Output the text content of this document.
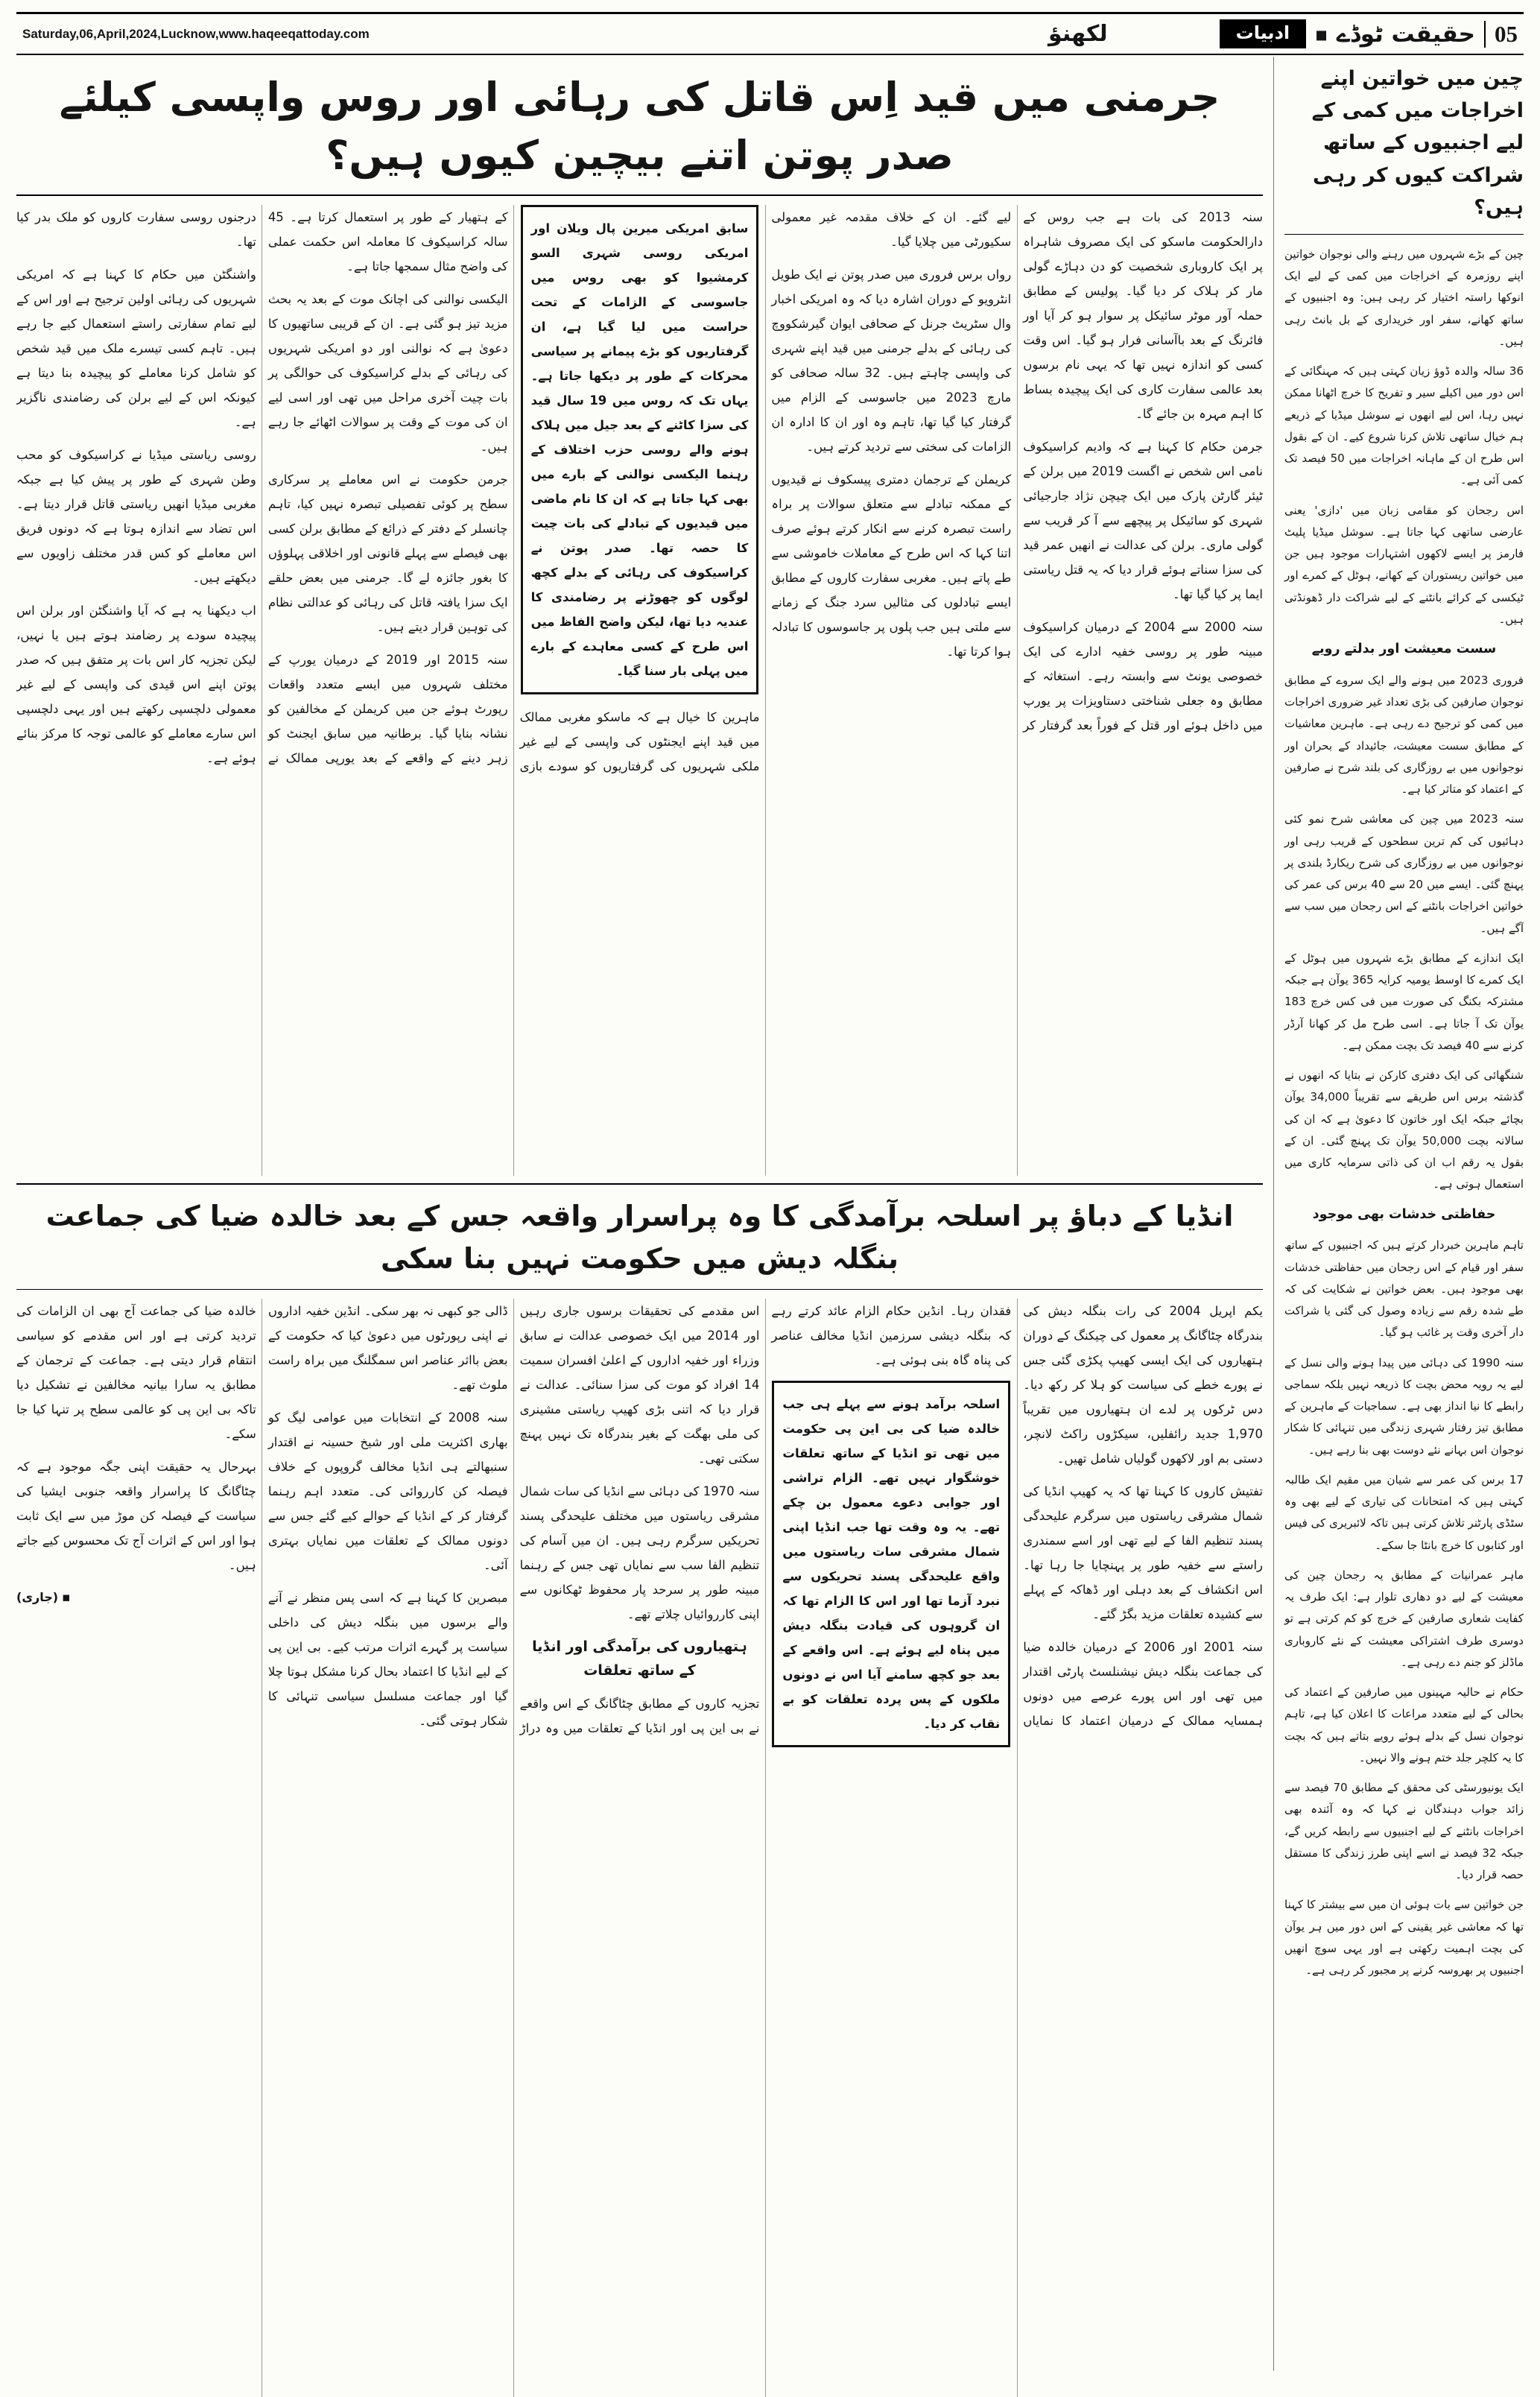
Saturday,06,April,2024,Lucknow,www.haqeeqattoday.com	لکھنؤ	ادبیات	◼ حقیقت ٹوڈے 05
جرمنی میں قید اِس قاتل کی رہائی اور روس واپسی کیلئے صدر پوتن اتنے بیچین کیوں ہیں؟

سنہ 2013 کی بات ہے جب روس کے دارالحکومت ماسکو کی ایک مصروف شاہراہ پر ایک کاروباری شخصیت کو دن دہاڑے گولی مار کر ہلاک کر دیا گیا۔ پولیس کے مطابق حملہ آور موٹر سائیکل پر سوار ہو کر آیا اور فائرنگ کے بعد باآسانی فرار ہو گیا۔ اس وقت کسی کو اندازہ نہیں تھا کہ یہی نام برسوں بعد عالمی سفارت کاری کی ایک پیچیدہ بساط کا اہم مہرہ بن جائے گا۔

جرمن حکام کا کہنا ہے کہ وادیم کراسیکوف نامی اس شخص نے اگست 2019 میں برلن کے ٹیئر گارٹن پارک میں ایک چیچن نژاد جارجیائی شہری کو سائیکل پر پیچھے سے آ کر قریب سے گولی ماری۔ برلن کی عدالت نے انھیں عمر قید کی سزا سناتے ہوئے قرار دیا کہ یہ قتل ریاستی ایما پر کیا گیا تھا۔

سنہ 2000 سے 2004 کے درمیان کراسیکوف مبینہ طور پر روسی خفیہ ادارے کی ایک خصوصی یونٹ سے وابستہ رہے۔ استغاثہ کے مطابق وہ جعلی شناختی دستاویزات پر یورپ میں داخل ہوئے اور قتل کے فوراً بعد گرفتار کر لیے گئے۔ ان کے خلاف مقدمہ غیر معمولی سکیورٹی میں چلایا گیا۔

رواں برس فروری میں صدر پوتن نے ایک طویل انٹرویو کے دوران اشارہ دیا کہ وہ امریکی اخبار وال سٹریٹ جرنل کے صحافی ایوان گیرشکووچ کی رہائی کے بدلے جرمنی میں قید اپنے شہری کی واپسی چاہتے ہیں۔ 32 سالہ صحافی کو مارچ 2023 میں جاسوسی کے الزام میں گرفتار کیا گیا تھا، تاہم وہ اور ان کا ادارہ ان الزامات کی سختی سے تردید کرتے ہیں۔

کریملن کے ترجمان دمتری پیسکوف نے قیدیوں کے ممکنہ تبادلے سے متعلق سوالات پر براہ راست تبصرہ کرنے سے انکار کرتے ہوئے صرف اتنا کہا کہ اس طرح کے معاملات خاموشی سے طے پاتے ہیں۔ مغربی سفارت کاروں کے مطابق ایسے تبادلوں کی مثالیں سرد جنگ کے زمانے سے ملتی ہیں جب پلوں پر جاسوسوں کا تبادلہ ہوا کرتا تھا۔

سابق امریکی میرین پال ویلان اور امریکی روسی شہری السو کرمشیوا کو بھی روس میں جاسوسی کے الزامات کے تحت حراست میں لیا گیا ہے، ان گرفتاریوں کو بڑے پیمانے پر سیاسی محرکات کے طور پر دیکھا جاتا ہے۔ یہاں تک کہ روس میں 19 سال قید کی سزا کاٹنے کے بعد جیل میں ہلاک ہونے والے روسی حزب اختلاف کے رہنما الیکسی نوالنی کے بارے میں بھی کہا جاتا ہے کہ ان کا نام ماضی میں قیدیوں کے تبادلے کی بات چیت کا حصہ تھا۔ صدر پوتن نے کراسیکوف کی رہائی کے بدلے کچھ لوگوں کو چھوڑنے پر رضامندی کا عندیہ دیا تھا، لیکن واضح الفاظ میں اس طرح کے کسی معاہدے کے بارے میں پہلی بار سنا گیا۔

ماہرین کا خیال ہے کہ ماسکو مغربی ممالک میں قید اپنے ایجنٹوں کی واپسی کے لیے غیر ملکی شہریوں کی گرفتاریوں کو سودے بازی کے ہتھیار کے طور پر استعمال کرتا ہے۔ 45 سالہ کراسیکوف کا معاملہ اس حکمت عملی کی واضح مثال سمجھا جاتا ہے۔

الیکسی نوالنی کی اچانک موت کے بعد یہ بحث مزید تیز ہو گئی ہے۔ ان کے قریبی ساتھیوں کا دعویٰ ہے کہ نوالنی اور دو امریکی شہریوں کی رہائی کے بدلے کراسیکوف کی حوالگی پر بات چیت آخری مراحل میں تھی اور اسی لیے ان کی موت کے وقت پر سوالات اٹھائے جا رہے ہیں۔

جرمن حکومت نے اس معاملے پر سرکاری سطح پر کوئی تفصیلی تبصرہ نہیں کیا، تاہم چانسلر کے دفتر کے ذرائع کے مطابق برلن کسی بھی فیصلے سے پہلے قانونی اور اخلاقی پہلوؤں کا بغور جائزہ لے گا۔ جرمنی میں بعض حلقے ایک سزا یافتہ قاتل کی رہائی کو عدالتی نظام کی توہین قرار دیتے ہیں۔

سنہ 2015 اور 2019 کے درمیان یورپ کے مختلف شہروں میں ایسے متعدد واقعات رپورٹ ہوئے جن میں کریملن کے مخالفین کو نشانہ بنایا گیا۔ برطانیہ میں سابق ایجنٹ کو زہر دینے کے واقعے کے بعد یورپی ممالک نے درجنوں روسی سفارت کاروں کو ملک بدر کیا تھا۔

واشنگٹن میں حکام کا کہنا ہے کہ امریکی شہریوں کی رہائی اولین ترجیح ہے اور اس کے لیے تمام سفارتی راستے استعمال کیے جا رہے ہیں۔ تاہم کسی تیسرے ملک میں قید شخص کو شامل کرنا معاملے کو پیچیدہ بنا دیتا ہے کیونکہ اس کے لیے برلن کی رضامندی ناگزیر ہے۔

روسی ریاستی میڈیا نے کراسیکوف کو محب وطن شہری کے طور پر پیش کیا ہے جبکہ مغربی میڈیا انھیں ریاستی قاتل قرار دیتا ہے۔ اس تضاد سے اندازہ ہوتا ہے کہ دونوں فریق اس معاملے کو کس قدر مختلف زاویوں سے دیکھتے ہیں۔

اب دیکھنا یہ ہے کہ آیا واشنگٹن اور برلن اس پیچیدہ سودے پر رضامند ہوتے ہیں یا نہیں، لیکن تجزیہ کار اس بات پر متفق ہیں کہ صدر پوتن اپنے اس قیدی کی واپسی کے لیے غیر معمولی دلچسپی رکھتے ہیں اور یہی دلچسپی اس سارے معاملے کو عالمی توجہ کا مرکز بنائے ہوئے ہے۔

انڈیا کے دباؤ پر اسلحہ برآمدگی کا وہ پراسرار واقعہ جس کے بعد خالدہ ضیا کی جماعت بنگلہ دیش میں حکومت نہیں بنا سکی

یکم اپریل 2004 کی رات بنگلہ دیش کی بندرگاہ چٹاگانگ پر معمول کی چیکنگ کے دوران ہتھیاروں کی ایک ایسی کھیپ پکڑی گئی جس نے پورے خطے کی سیاست کو ہلا کر رکھ دیا۔ دس ٹرکوں پر لدے ان ہتھیاروں میں تقریباً 1,970 جدید رائفلیں، سیکڑوں راکٹ لانچر، دستی بم اور لاکھوں گولیاں شامل تھیں۔

تفتیش کاروں کا کہنا تھا کہ یہ کھیپ انڈیا کی شمال مشرقی ریاستوں میں سرگرم علیحدگی پسند تنظیم الفا کے لیے تھی اور اسے سمندری راستے سے خفیہ طور پر پہنچایا جا رہا تھا۔ اس انکشاف کے بعد دہلی اور ڈھاکہ کے پہلے سے کشیدہ تعلقات مزید بگڑ گئے۔

سنہ 2001 اور 2006 کے درمیان خالدہ ضیا کی جماعت بنگلہ دیش نیشنلسٹ پارٹی اقتدار میں تھی اور اس پورے عرصے میں دونوں ہمسایہ ممالک کے درمیان اعتماد کا نمایاں فقدان رہا۔ انڈین حکام الزام عائد کرتے رہے کہ بنگلہ دیشی سرزمین انڈیا مخالف عناصر کی پناہ گاہ بنی ہوئی ہے۔

اسلحہ برآمد ہونے سے پہلے ہی جب خالدہ ضیا کی بی این پی حکومت میں تھی تو انڈیا کے ساتھ تعلقات خوشگوار نہیں تھے۔ الزام تراشی اور جوابی دعوے معمول بن چکے تھے۔ یہ وہ وقت تھا جب انڈیا اپنی شمال مشرقی سات ریاستوں میں واقع علیحدگی پسند تحریکوں سے نبرد آزما تھا اور اس کا الزام تھا کہ ان گروہوں کی قیادت بنگلہ دیش میں پناہ لیے ہوئے ہے۔ اس واقعے کے بعد جو کچھ سامنے آیا اس نے دونوں ملکوں کے پس پردہ تعلقات کو بے نقاب کر دیا۔

اس مقدمے کی تحقیقات برسوں جاری رہیں اور 2014 میں ایک خصوصی عدالت نے سابق وزراء اور خفیہ اداروں کے اعلیٰ افسران سمیت 14 افراد کو موت کی سزا سنائی۔ عدالت نے قرار دیا کہ اتنی بڑی کھیپ ریاستی مشینری کی ملی بھگت کے بغیر بندرگاہ تک نہیں پہنچ سکتی تھی۔

سنہ 1970 کی دہائی سے انڈیا کی سات شمال مشرقی ریاستوں میں مختلف علیحدگی پسند تحریکیں سرگرم رہی ہیں۔ ان میں آسام کی تنظیم الفا سب سے نمایاں تھی جس کے رہنما مبینہ طور پر سرحد پار محفوظ ٹھکانوں سے اپنی کارروائیاں چلاتے تھے۔

ہتھیاروں کی برآمدگی اور انڈیا کے ساتھ تعلقات

تجزیہ کاروں کے مطابق چٹاگانگ کے اس واقعے نے بی این پی اور انڈیا کے تعلقات میں وہ دراڑ ڈالی جو کبھی نہ بھر سکی۔ انڈین خفیہ اداروں نے اپنی رپورٹوں میں دعویٰ کیا کہ حکومت کے بعض بااثر عناصر اس سمگلنگ میں براہ راست ملوث تھے۔

سنہ 2008 کے انتخابات میں عوامی لیگ کو بھاری اکثریت ملی اور شیخ حسینہ نے اقتدار سنبھالتے ہی انڈیا مخالف گروپوں کے خلاف فیصلہ کن کارروائی کی۔ متعدد اہم رہنما گرفتار کر کے انڈیا کے حوالے کیے گئے جس سے دونوں ممالک کے تعلقات میں نمایاں بہتری آئی۔

مبصرین کا کہنا ہے کہ اسی پس منظر نے آنے والے برسوں میں بنگلہ دیش کی داخلی سیاست پر گہرے اثرات مرتب کیے۔ بی این پی کے لیے انڈیا کا اعتماد بحال کرنا مشکل ہوتا چلا گیا اور جماعت مسلسل سیاسی تنہائی کا شکار ہوتی گئی۔

خالدہ ضیا کی جماعت آج بھی ان الزامات کی تردید کرتی ہے اور اس مقدمے کو سیاسی انتقام قرار دیتی ہے۔ جماعت کے ترجمان کے مطابق یہ سارا بیانیہ مخالفین نے تشکیل دیا تاکہ بی این پی کو عالمی سطح پر تنہا کیا جا سکے۔

بہرحال یہ حقیقت اپنی جگہ موجود ہے کہ چٹاگانگ کا پراسرار واقعہ جنوبی ایشیا کی سیاست کے فیصلہ کن موڑ میں سے ایک ثابت ہوا اور اس کے اثرات آج تک محسوس کیے جاتے ہیں۔

■ (جاری)

چین میں خواتین اپنے اخراجات میں کمی کے لیے اجنبیوں کے ساتھ شراکت کیوں کر رہی ہیں؟

چین کے بڑے شہروں میں رہنے والی نوجوان خواتین اپنے روزمرہ کے اخراجات میں کمی کے لیے ایک انوکھا راستہ اختیار کر رہی ہیں: وہ اجنبیوں کے ساتھ کھانے، سفر اور خریداری کے بل بانٹ رہی ہیں۔

36 سالہ والدہ ڈوؤ زیان کہتی ہیں کہ مہنگائی کے اس دور میں اکیلے سیر و تفریح کا خرچ اٹھانا ممکن نہیں رہا، اس لیے انھوں نے سوشل میڈیا کے ذریعے ہم خیال ساتھی تلاش کرنا شروع کیے۔ ان کے بقول اس طرح ان کے ماہانہ اخراجات میں 50 فیصد تک کمی آئی ہے۔

اس رجحان کو مقامی زبان میں 'دازی' یعنی عارضی ساتھی کہا جاتا ہے۔ سوشل میڈیا پلیٹ فارمز پر ایسے لاکھوں اشتہارات موجود ہیں جن میں خواتین ریستوران کے کھانے، ہوٹل کے کمرے اور ٹیکسی کے کرائے بانٹنے کے لیے شراکت دار ڈھونڈتی ہیں۔

سست معیشت اور بدلتے رویے

فروری 2023 میں ہونے والے ایک سروے کے مطابق نوجوان صارفین کی بڑی تعداد غیر ضروری اخراجات میں کمی کو ترجیح دے رہی ہے۔ ماہرین معاشیات کے مطابق سست معیشت، جائیداد کے بحران اور نوجوانوں میں بے روزگاری کی بلند شرح نے صارفین کے اعتماد کو متاثر کیا ہے۔

سنہ 2023 میں چین کی معاشی شرح نمو کئی دہائیوں کی کم ترین سطحوں کے قریب رہی اور نوجوانوں میں بے روزگاری کی شرح ریکارڈ بلندی پر پہنچ گئی۔ ایسے میں 20 سے 40 برس کی عمر کی خواتین اخراجات بانٹنے کے اس رجحان میں سب سے آگے ہیں۔

ایک اندازے کے مطابق بڑے شہروں میں ہوٹل کے ایک کمرے کا اوسط یومیہ کرایہ 365 یوآن ہے جبکہ مشترکہ بکنگ کی صورت میں فی کس خرچ 183 یوآن تک آ جاتا ہے۔ اسی طرح مل کر کھانا آرڈر کرنے سے 40 فیصد تک بچت ممکن ہے۔

شنگھائی کی ایک دفتری کارکن نے بتایا کہ انھوں نے گذشتہ برس اس طریقے سے تقریباً 34,000 یوآن بچائے جبکہ ایک اور خاتون کا دعویٰ ہے کہ ان کی سالانہ بچت 50,000 یوآن تک پہنچ گئی۔ ان کے بقول یہ رقم اب ان کی ذاتی سرمایہ کاری میں استعمال ہوتی ہے۔

حفاظتی خدشات بھی موجود

تاہم ماہرین خبردار کرتے ہیں کہ اجنبیوں کے ساتھ سفر اور قیام کے اس رجحان میں حفاظتی خدشات بھی موجود ہیں۔ بعض خواتین نے شکایت کی کہ طے شدہ رقم سے زیادہ وصول کی گئی یا شراکت دار آخری وقت پر غائب ہو گیا۔

سنہ 1990 کی دہائی میں پیدا ہونے والی نسل کے لیے یہ رویہ محض بچت کا ذریعہ نہیں بلکہ سماجی رابطے کا نیا انداز بھی ہے۔ سماجیات کے ماہرین کے مطابق تیز رفتار شہری زندگی میں تنہائی کا شکار نوجوان اس بہانے نئے دوست بھی بنا رہے ہیں۔

17 برس کی عمر سے شیان میں مقیم ایک طالبہ کہتی ہیں کہ امتحانات کی تیاری کے لیے بھی وہ سٹڈی پارٹنر تلاش کرتی ہیں تاکہ لائبریری کی فیس اور کتابوں کا خرچ بانٹا جا سکے۔

ماہر عمرانیات کے مطابق یہ رجحان چین کی معیشت کے لیے دو دھاری تلوار ہے: ایک طرف یہ کفایت شعاری صارفین کے خرچ کو کم کرتی ہے تو دوسری طرف اشتراکی معیشت کے نئے کاروباری ماڈلز کو جنم دے رہی ہے۔

حکام نے حالیہ مہینوں میں صارفین کے اعتماد کی بحالی کے لیے متعدد مراعات کا اعلان کیا ہے، تاہم نوجوان نسل کے بدلے ہوئے رویے بتاتے ہیں کہ بچت کا یہ کلچر جلد ختم ہونے والا نہیں۔

ایک یونیورسٹی کی محقق کے مطابق 70 فیصد سے زائد جواب دہندگان نے کہا کہ وہ آئندہ بھی اخراجات بانٹنے کے لیے اجنبیوں سے رابطہ کریں گے، جبکہ 32 فیصد نے اسے اپنی طرز زندگی کا مستقل حصہ قرار دیا۔

جن خواتین سے بات ہوئی ان میں سے بیشتر کا کہنا تھا کہ معاشی غیر یقینی کے اس دور میں ہر یوآن کی بچت اہمیت رکھتی ہے اور یہی سوچ انھیں اجنبیوں پر بھروسہ کرنے پر مجبور کر رہی ہے۔
